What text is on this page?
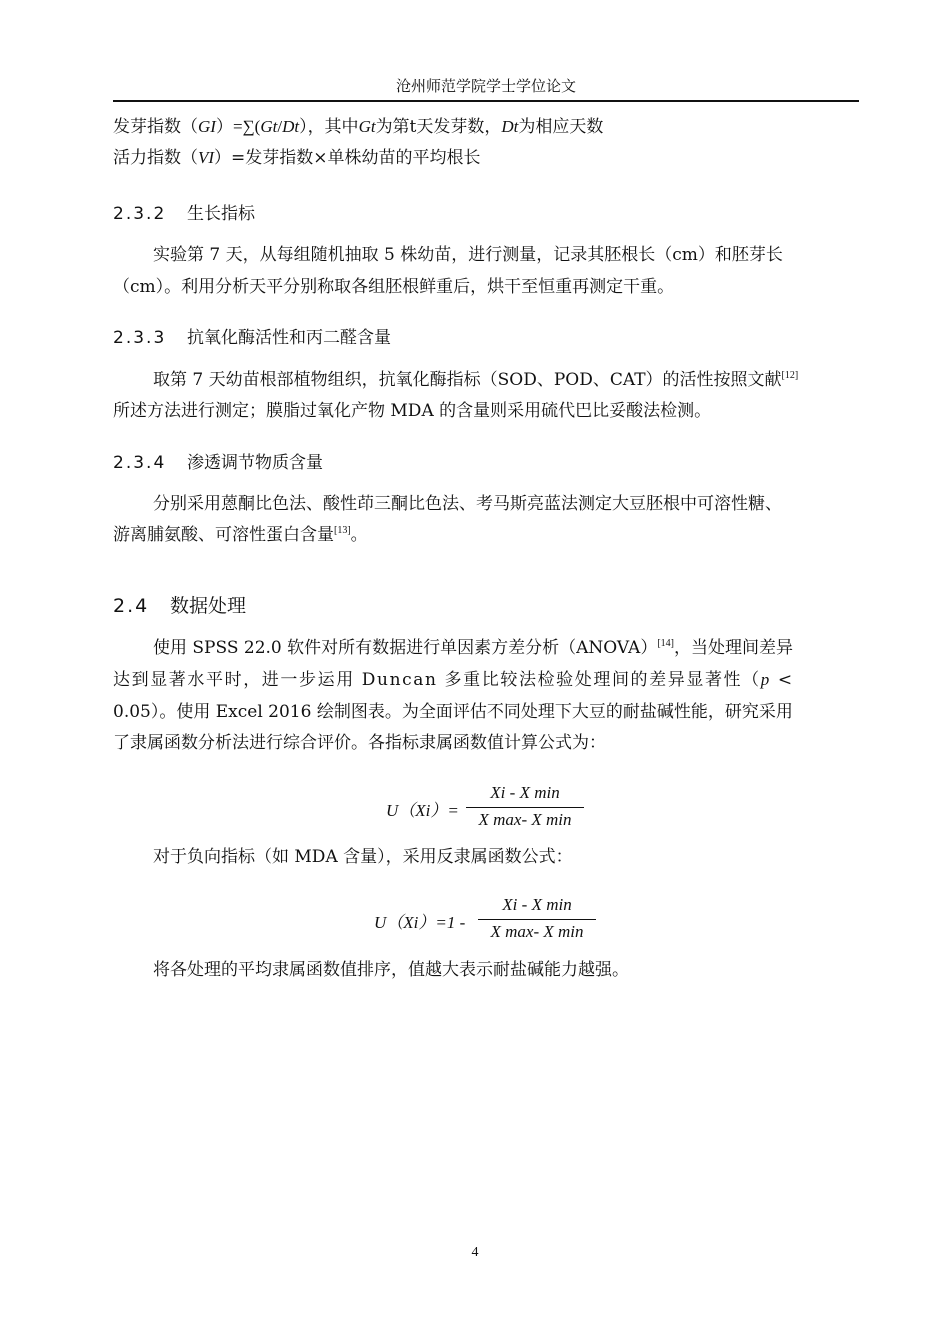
沧州师范学院学士学位论文
发芽指数（GI）=∑(Gt/Dt），其中Gt为第t天发芽数，Dt为相应天数
活力指数（VI）=发芽指数×单株幼苗的平均根长
2.3.2 生长指标
实验第 7 天，从每组随机抽取 5 株幼苗，进行测量，记录其胚根长（cm）和胚芽长
（cm）。利用分析天平分别称取各组胚根鲜重后，烘干至恒重再测定干重。
2.3.3 抗氧化酶活性和丙二醛含量
取第 7 天幼苗根部植物组织，抗氧化酶指标（SOD、POD、CAT）的活性按照文献[12]
所述方法进行测定；膜脂过氧化产物 MDA 的含量则采用硫代巴比妥酸法检测。
2.3.4 渗透调节物质含量
分别采用蒽酮比色法、酸性茚三酮比色法、考马斯亮蓝法测定大豆胚根中可溶性糖、
游离脯氨酸、可溶性蛋白含量[13]。
2.4 数据处理
使用 SPSS 22.0 软件对所有数据进行单因素方差分析（ANOVA）[14]，当处理间差异
达到显著水平时，进一步运用 Duncan 多重比较法检验处理间的差异显著性（p <
0.05）。使用 Excel 2016 绘制图表。为全面评估不同处理下大豆的耐盐碱性能，研究采用
了隶属函数分析法进行综合评价。各指标隶属函数值计算公式为：
U（Xi）=
Xi - X min
X max- X min
对于负向指标（如 MDA 含量），采用反隶属函数公式：
U（Xi）=1 -
Xi - X min
X max- X min
将各处理的平均隶属函数值排序，值越大表示耐盐碱能力越强。
4
